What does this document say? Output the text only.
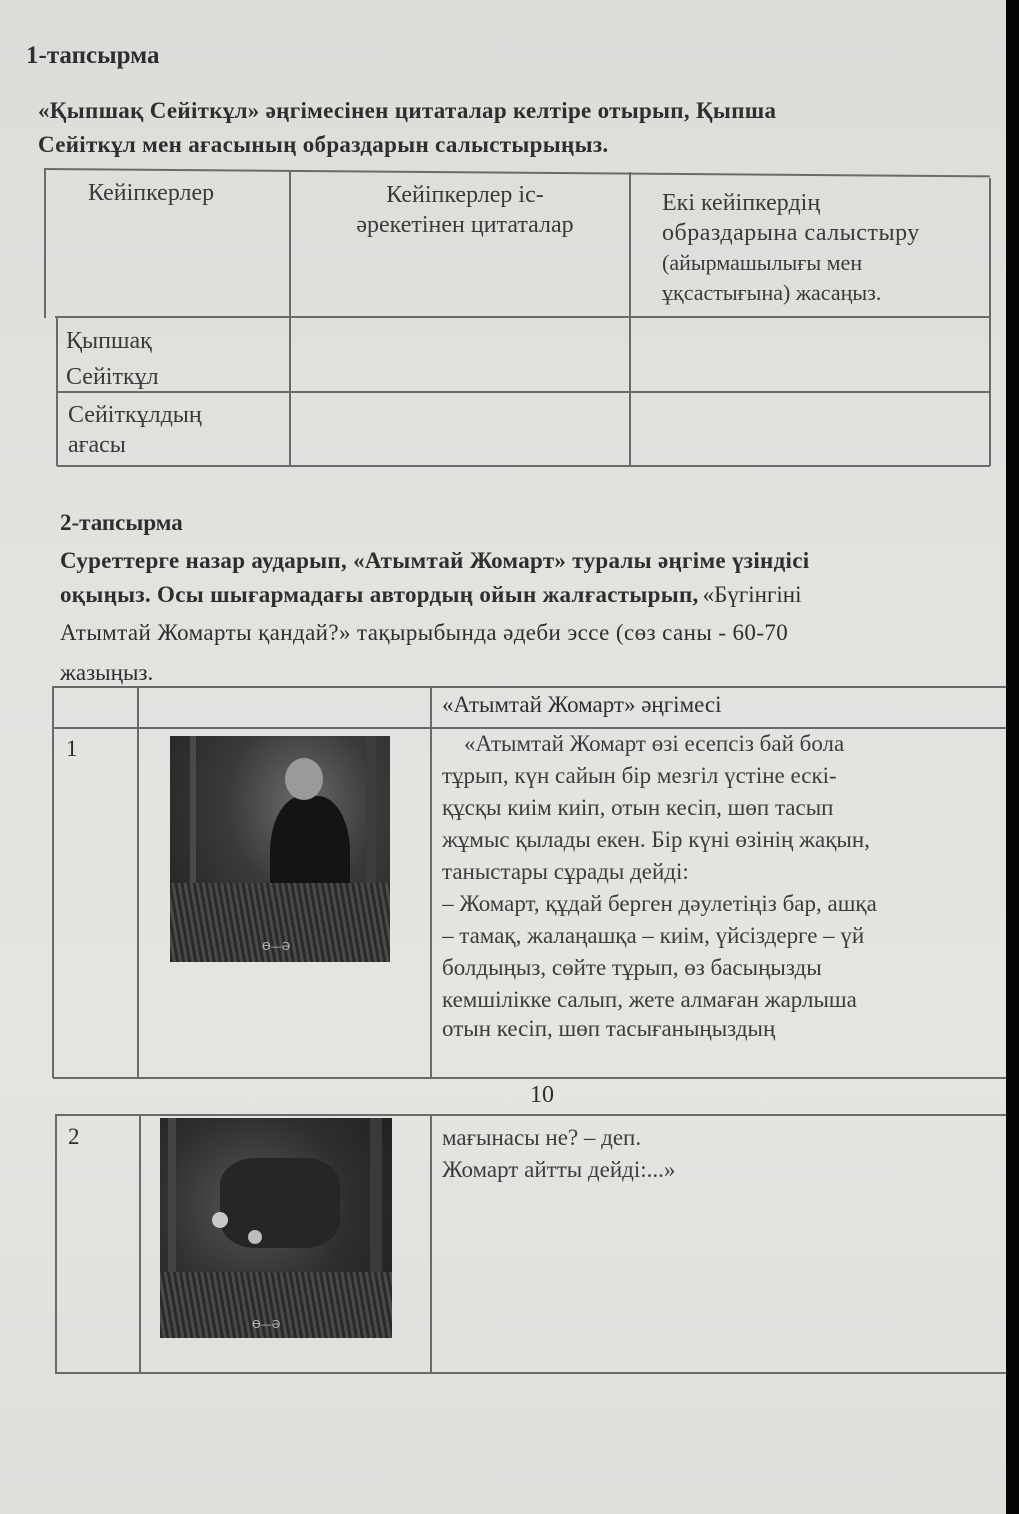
1-тапсырма
«Қыпшақ Сейіткұл» әңгімесінен цитаталар келтіре отырып, Қыпша
Сейіткұл мен ағасының образдарын салыстырыңыз.
Кейіпкерлер	Кейіпкерлер іс-
әрекетінен цитаталар
Екі кейіпкердің
образдарына салыстыру
(айырмашылығы мен
ұқсастығына) жасаңыз.
Қыпшақ
Сейіткұл
Сейіткұлдың
ағасы
2-тапсырма
Суреттерге назар аударып, «Атымтай Жомарт» туралы әңгіме үзіндісі
оқыңыз. Осы шығармадағы автордың ойын жалғастырып, «Бүгінгіні
Атымтай Жомарты қандай?» тақырыбында әдеби эссе (сөз саны - 60-70
жазыңыз.
«Атымтай Жомарт» әңгімесі
1
Ө—Ә
«Атымтай Жомарт өзі есепсіз бай бола
тұрып, күн сайын бір мезгіл үстіне ескі-
құсқы киім киіп, отын кесіп, шөп тасып
жұмыс қылады екен. Бір күні өзінің жақын,
таныстары сұрады дейді:
– Жомарт, құдай берген дәулетіңіз бар, ашқа
– тамақ, жалаңашқа – киім, үйсіздерге – үй
болдыңыз, сөйте тұрып, өз басыңызды
кемшілікке салып, жете алмаған жарлыша
отын кесіп, шөп тасығаныңыздың
10
2
Ө—Ә
мағынасы не? – деп.
Жомарт айтты дейді:...»
